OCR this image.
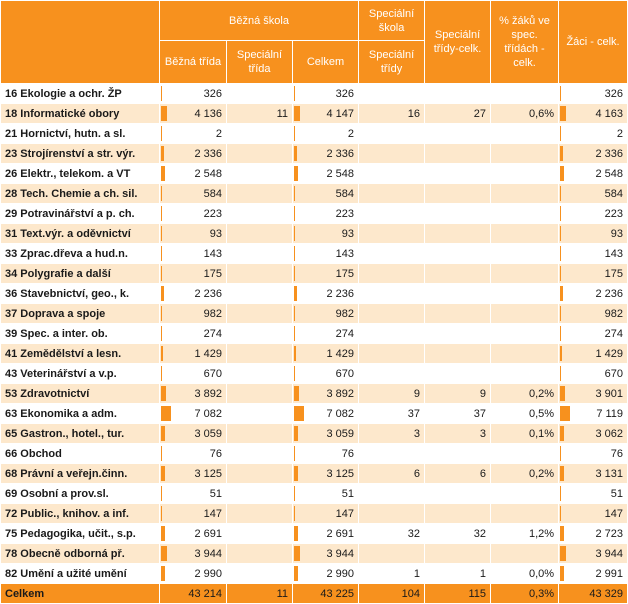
	Běžná škola			Speciální škola	Speciální třídy-celk.	% žáků ve spec. třídách - celk.	Žáci - celk.
	Běžná třída	Speciální třída	Celkem	Speciální třídy			
16 Ekologie a ochr. ŽP	326		326				326
18 Informatické obory	4 136	11	4 147	16	27	0,6%	4 163
21 Hornictví, hutn. a sl.	2		2				2
23 Strojírenství a str. výr.	2 336		2 336				2 336
26 Elektr., telekom. a VT	2 548		2 548				2 548
28 Tech. Chemie a ch. sil.	584		584				584
29 Potravinářství a p. ch.	223		223				223
31 Text.výr. a oděvnictví	93		93				93
33 Zprac.dřeva a hud.n.	143		143				143
34 Polygrafie a další	175		175				175
36 Stavebnictví, geo., k.	2 236		2 236				2 236
37 Doprava a spoje	982		982				982
39 Spec. a inter. ob.	274		274				274
41 Zemědělství a lesn.	1 429		1 429				1 429
43 Veterinářství a v.p.	670		670				670
53 Zdravotnictví	3 892		3 892	9	9	0,2%	3 901
63 Ekonomika a adm.	7 082		7 082	37	37	0,5%	7 119
65 Gastron., hotel., tur.	3 059		3 059	3	3	0,1%	3 062
66 Obchod	76		76				76
68 Právní a veřejn.činn.	3 125		3 125	6	6	0,2%	3 131
69 Osobní a prov.sl.	51		51				51
72 Public., knihov. a inf.	147		147				147
75 Pedagogika, učit., s.p.	2 691		2 691	32	32	1,2%	2 723
78 Obecně odborná př.	3 944		3 944				3 944
82 Umění a užité umění	2 990		2 990	1	1	0,0%	2 991
Celkem	43 214	11	43 225	104	115	0,3%	43 329
